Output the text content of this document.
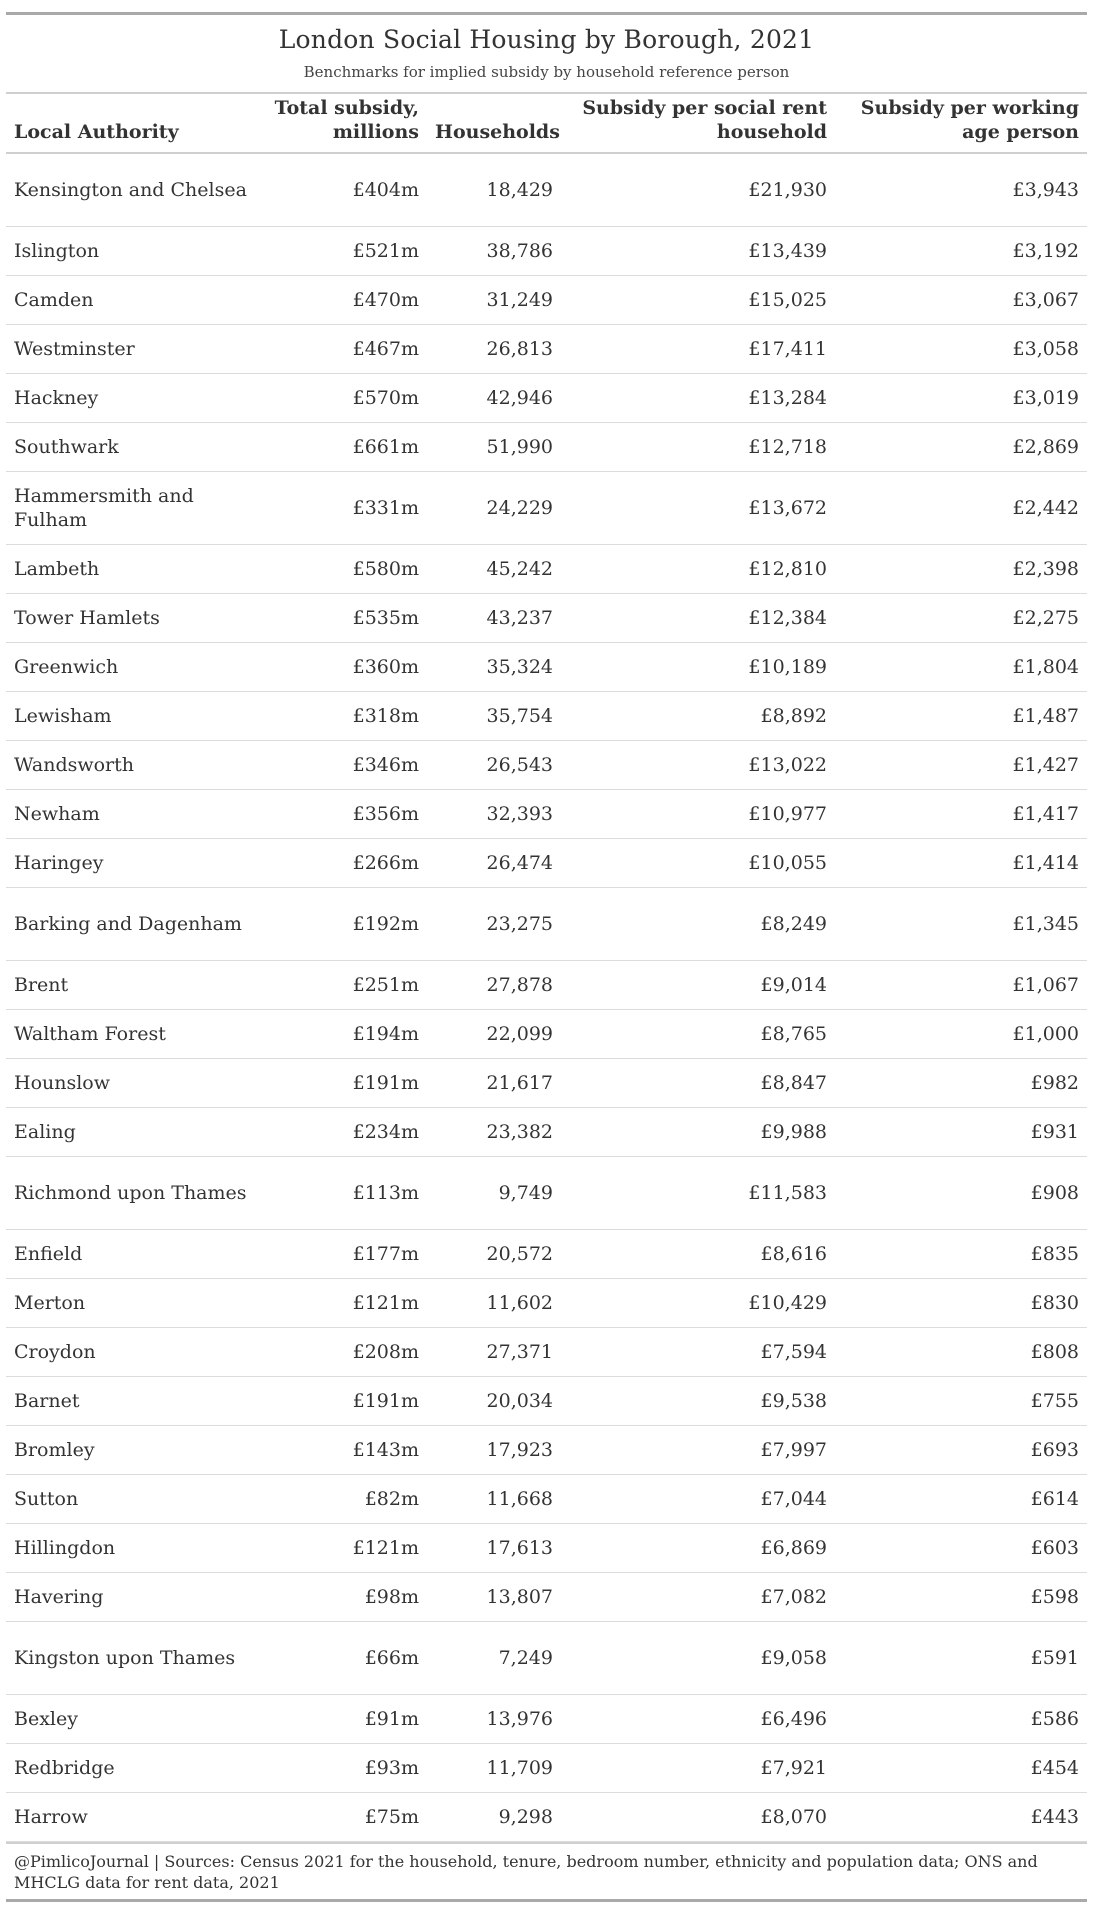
London Social Housing by Borough, 2021
Benchmarks for implied subsidy by household reference person
Local Authority	Total subsidy, millions	Households	Subsidy per social rent household	Subsidy per working age person
Kensington and Chelsea	£404m	18,429	£21,930	£3,943
Islington	£521m	38,786	£13,439	£3,192
Camden	£470m	31,249	£15,025	£3,067
Westminster	£467m	26,813	£17,411	£3,058
Hackney	£570m	42,946	£13,284	£3,019
Southwark	£661m	51,990	£12,718	£2,869
Hammersmith and Fulham	£331m	24,229	£13,672	£2,442
Lambeth	£580m	45,242	£12,810	£2,398
Tower Hamlets	£535m	43,237	£12,384	£2,275
Greenwich	£360m	35,324	£10,189	£1,804
Lewisham	£318m	35,754	£8,892	£1,487
Wandsworth	£346m	26,543	£13,022	£1,427
Newham	£356m	32,393	£10,977	£1,417
Haringey	£266m	26,474	£10,055	£1,414
Barking and Dagenham	£192m	23,275	£8,249	£1,345
Brent	£251m	27,878	£9,014	£1,067
Waltham Forest	£194m	22,099	£8,765	£1,000
Hounslow	£191m	21,617	£8,847	£982
Ealing	£234m	23,382	£9,988	£931
Richmond upon Thames	£113m	9,749	£11,583	£908
Enfield	£177m	20,572	£8,616	£835
Merton	£121m	11,602	£10,429	£830
Croydon	£208m	27,371	£7,594	£808
Barnet	£191m	20,034	£9,538	£755
Bromley	£143m	17,923	£7,997	£693
Sutton	£82m	11,668	£7,044	£614
Hillingdon	£121m	17,613	£6,869	£603
Havering	£98m	13,807	£7,082	£598
Kingston upon Thames	£66m	7,249	£9,058	£591
Bexley	£91m	13,976	£6,496	£586
Redbridge	£93m	11,709	£7,921	£454
Harrow	£75m	9,298	£8,070	£443
@PimlicoJournal | Sources: Census 2021 for the household, tenure, bedroom number, ethnicity and population data; ONS and MHCLG data for rent data, 2021
